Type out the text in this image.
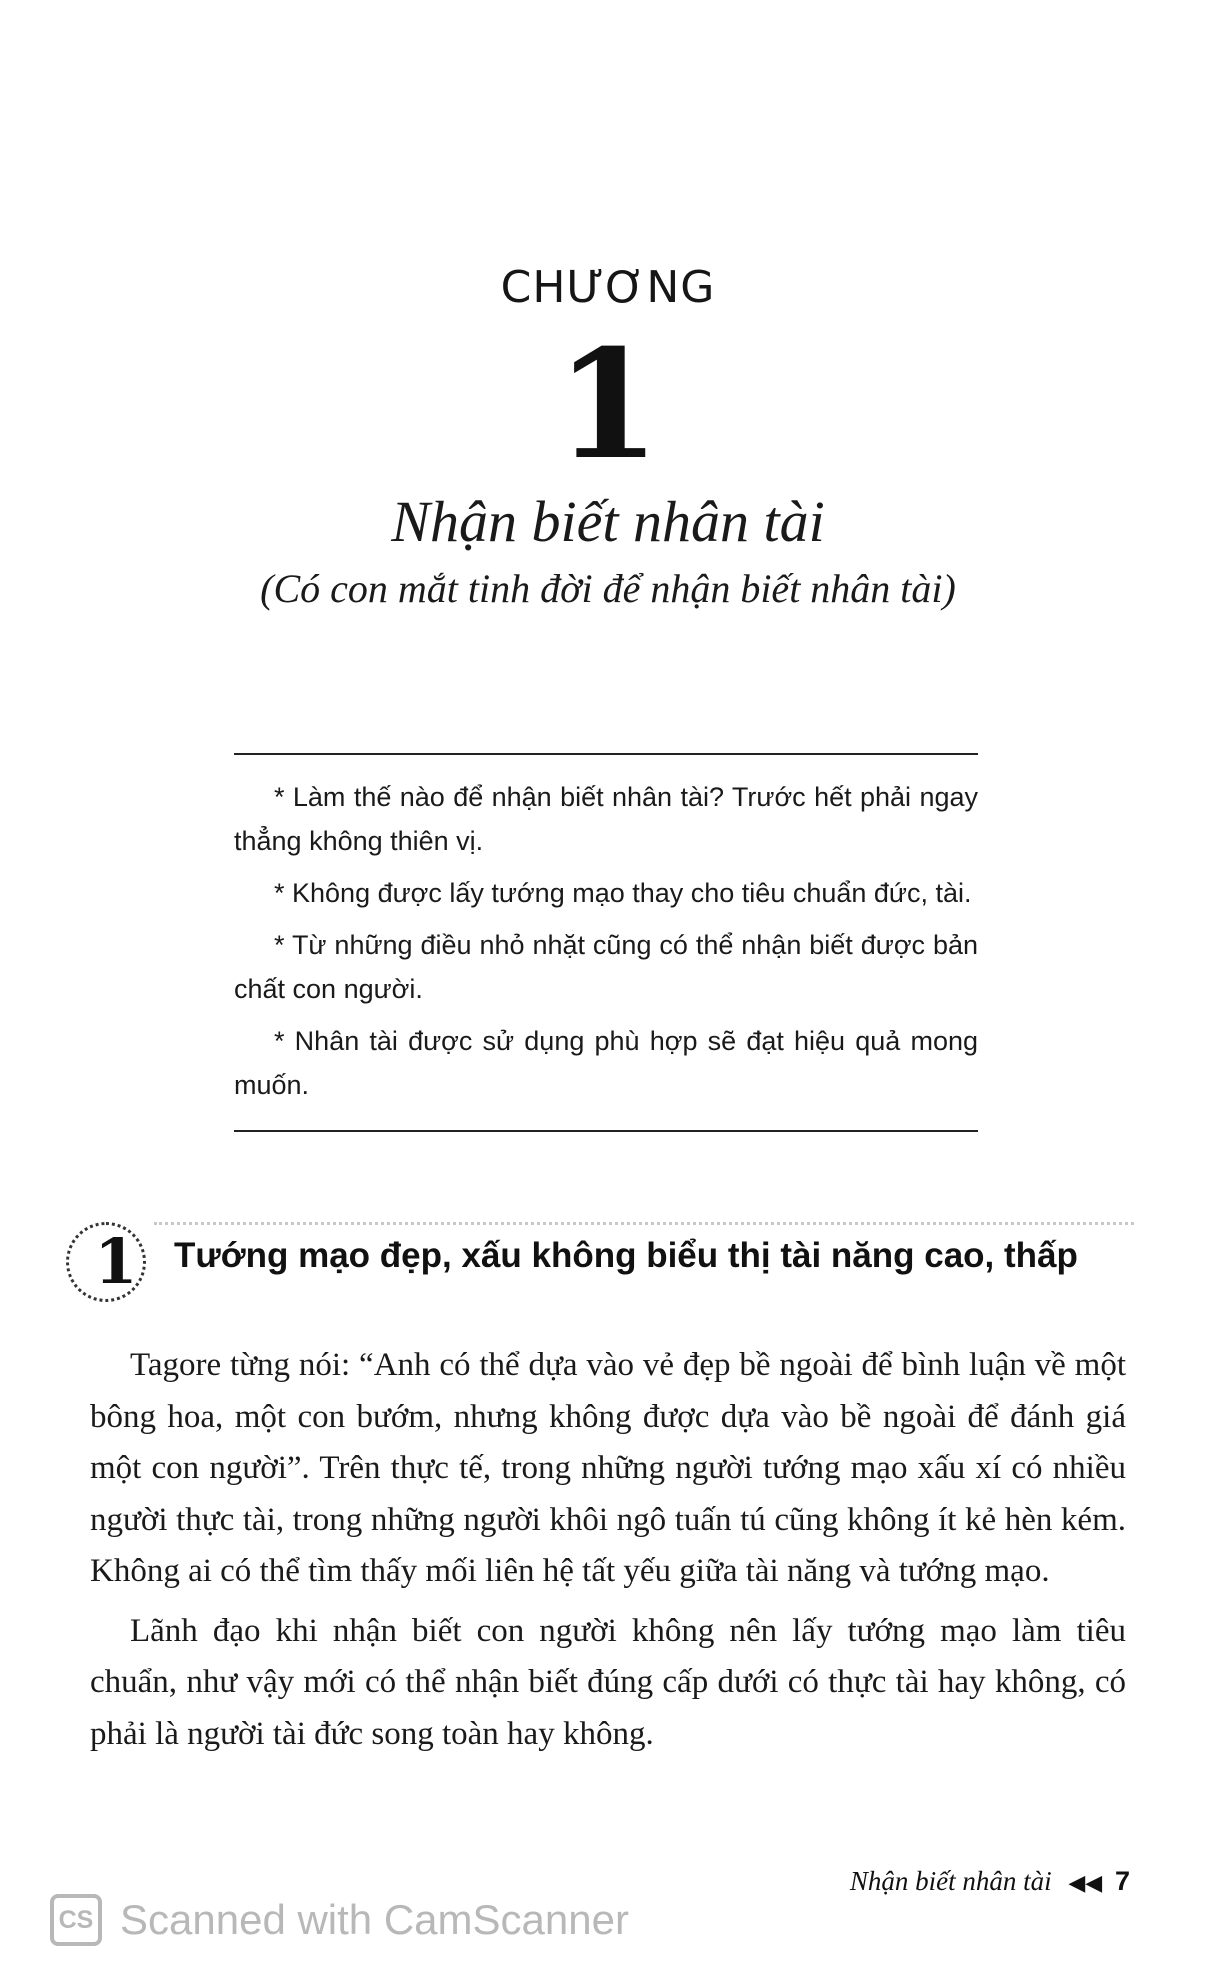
CHƯƠNG
1
Nhận biết nhân tài
(Có con mắt tinh đời để nhận biết nhân tài)

* Làm thế nào để nhận biết nhân tài? Trước hết phải ngay thẳng không thiên vị.

* Không được lấy tướng mạo thay cho tiêu chuẩn đức, tài.

* Từ những điều nhỏ nhặt cũng có thể nhận biết được bản chất con người.

* Nhân tài được sử dụng phù hợp sẽ đạt hiệu quả mong muốn.

1	Tướng mạo đẹp, xấu không biểu thị tài năng cao, thấp

Tagore từng nói: “Anh có thể dựa vào vẻ đẹp bề ngoài để bình luận về một bông hoa, một con bướm, nhưng không được dựa vào bề ngoài để đánh giá một con người”. Trên thực tế, trong những người tướng mạo xấu xí có nhiều người thực tài, trong những người khôi ngô tuấn tú cũng không ít kẻ hèn kém. Không ai có thể tìm thấy mối liên hệ tất yếu giữa tài năng và tướng mạo.

Lãnh đạo khi nhận biết con người không nên lấy tướng mạo làm tiêu chuẩn, như vậy mới có thể nhận biết đúng cấp dưới có thực tài hay không, có phải là người tài đức song toàn hay không.

Nhận biết nhân tài ◀◀ 7
CS Scanned with CamScanner
